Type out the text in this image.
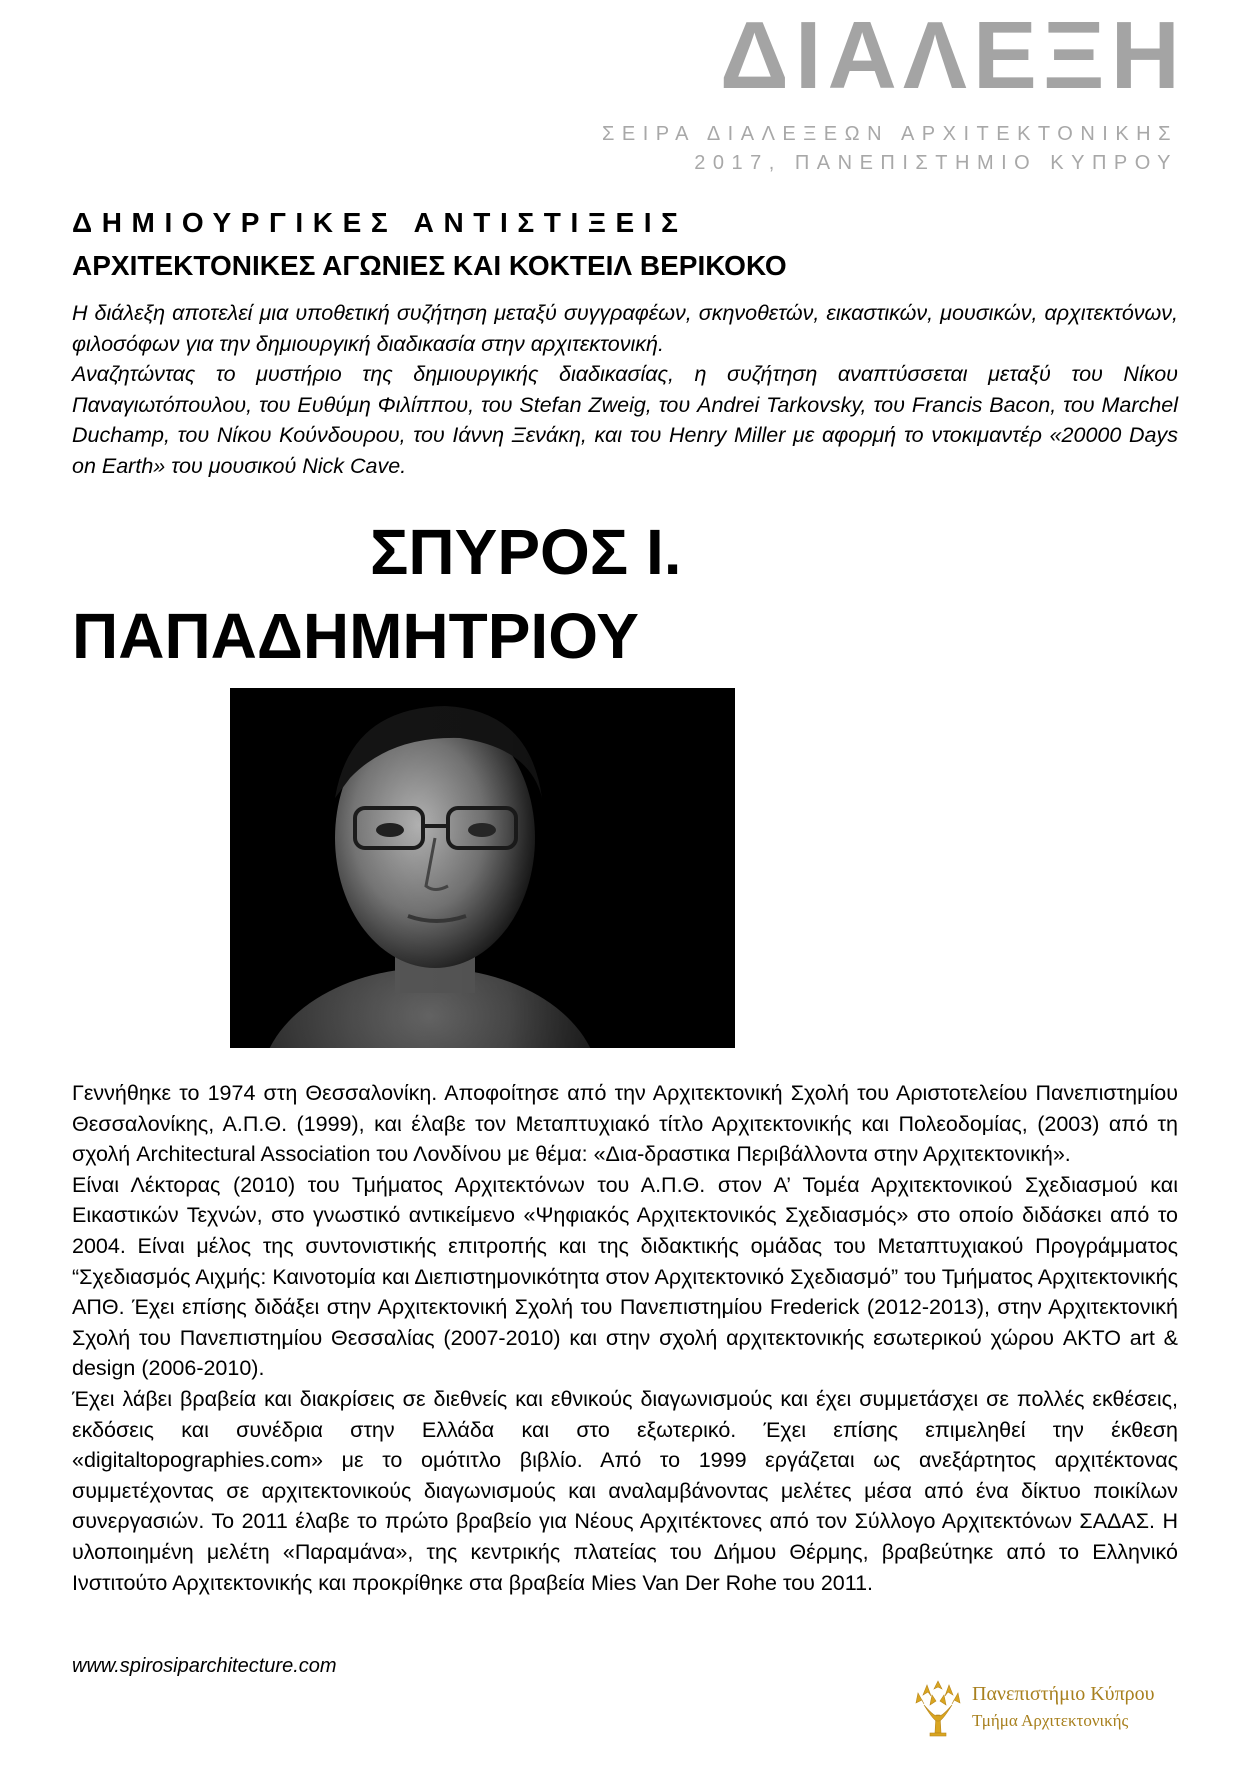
ΔΙΑΛΕΞΗ
ΣΕΙΡΑ ΔΙΑΛΕΞΕΩΝ ΑΡΧΙΤΕΚΤΟΝΙΚΗΣ
2017, ΠΑΝΕΠΙΣΤΗΜΙΟ ΚΥΠΡΟΥ
ΔΗΜΙΟΥΡΓΙΚΕΣ ΑΝΤΙΣΤΙΞΕΙΣ
ΑΡΧΙΤΕΚΤΟΝΙΚΕΣ ΑΓΩΝΙΕΣ ΚΑΙ ΚΟΚΤΕΙΛ ΒΕΡΙΚΟΚΟ

Η διάλεξη αποτελεί μια υποθετική συζήτηση μεταξύ συγγραφέων, σκηνοθετών, εικαστικών, μουσικών, αρχιτεκτόνων, φιλοσόφων για την δημιουργική διαδικασία στην αρχιτεκτονική.

Αναζητώντας το μυστήριο της δημιουργικής διαδικασίας, η συζήτηση αναπτύσσεται μεταξύ του Νίκου Παναγιωτόπουλου, του Ευθύμη Φιλίππου, του Stefan Zweig, του Andrei Tarkovsky, του Francis Bacon, του Marchel Duchamp, του Νίκου Κούνδουρου, του Ιάννη Ξενάκη, και του Henry Miller με αφορμή το ντοκιμαντέρ «20000 Days on Earth» του μουσικού Nick Cave.

ΣΠΥΡΟΣ Ι.
ΠΑΠΑΔΗΜΗΤΡΙΟΥ

Γεννήθηκε το 1974 στη Θεσσαλονίκη. Αποφοίτησε από την Αρχιτεκτονική Σχολή του Αριστοτελείου Πανεπιστημίου Θεσσαλονίκης, Α.Π.Θ. (1999), και έλαβε τον Μεταπτυχιακό τίτλο Αρχιτεκτονικής και Πολεοδομίας, (2003) από τη σχολή Architectural Association του Λονδίνου με θέμα: «Δια-δραστικα Περιβάλλοντα στην Αρχιτεκτονική».

Είναι Λέκτορας (2010) του Τμήματος Αρχιτεκτόνων του Α.Π.Θ. στον Α’ Τομέα Αρχιτεκτονικού Σχεδιασμού και Εικαστικών Τεχνών, στο γνωστικό αντικείμενο «Ψηφιακός Αρχιτεκτονικός Σχεδιασμός» στο οποίο διδάσκει από το 2004. Είναι μέλος της συντονιστικής επιτροπής και της διδακτικής ομάδας του Μεταπτυχιακού Προγράμματος “Σχεδιασμός Αιχμής: Καινοτομία και Διεπιστημονικότητα στον Αρχιτεκτονικό Σχεδιασμό” του Τμήματος Αρχιτεκτονικής ΑΠΘ. Έχει επίσης διδάξει στην Αρχιτεκτονική Σχολή του Πανεπιστημίου Frederick (2012-2013), στην Αρχιτεκτονική Σχολή του Πανεπιστημίου Θεσσαλίας (2007-2010) και στην σχολή αρχιτεκτονικής εσωτερικού χώρου AKTO art & design (2006-2010).

Έχει λάβει βραβεία και διακρίσεις σε διεθνείς και εθνικούς διαγωνισμούς και έχει συμμετάσχει σε πολλές εκθέσεις, εκδόσεις και συνέδρια στην Ελλάδα και στο εξωτερικό. Έχει επίσης επιμεληθεί την έκθεση «digitaltopographies.com» με το ομότιτλο βιβλίο. Από το 1999 εργάζεται ως ανεξάρτητος αρχιτέκτονας συμμετέχοντας σε αρχιτεκτονικούς διαγωνισμούς και αναλαμβάνοντας μελέτες μέσα από ένα δίκτυο ποικίλων συνεργασιών. Το 2011 έλαβε το πρώτο βραβείο για Νέους Αρχιτέκτονες από τον Σύλλογο Αρχιτεκτόνων ΣΑΔΑΣ. Η υλοποιημένη μελέτη «Παραμάνα», της κεντρικής πλατείας του Δήμου Θέρμης, βραβεύτηκε από το Ελληνικό Ινστιτούτο Αρχιτεκτονικής και προκρίθηκε στα βραβεία Mies Van Der Rohe του 2011.

www.spirosiparchitecture.com
Πανεπιστήμιο Κύπρου
Τμήμα Αρχιτεκτονικής
